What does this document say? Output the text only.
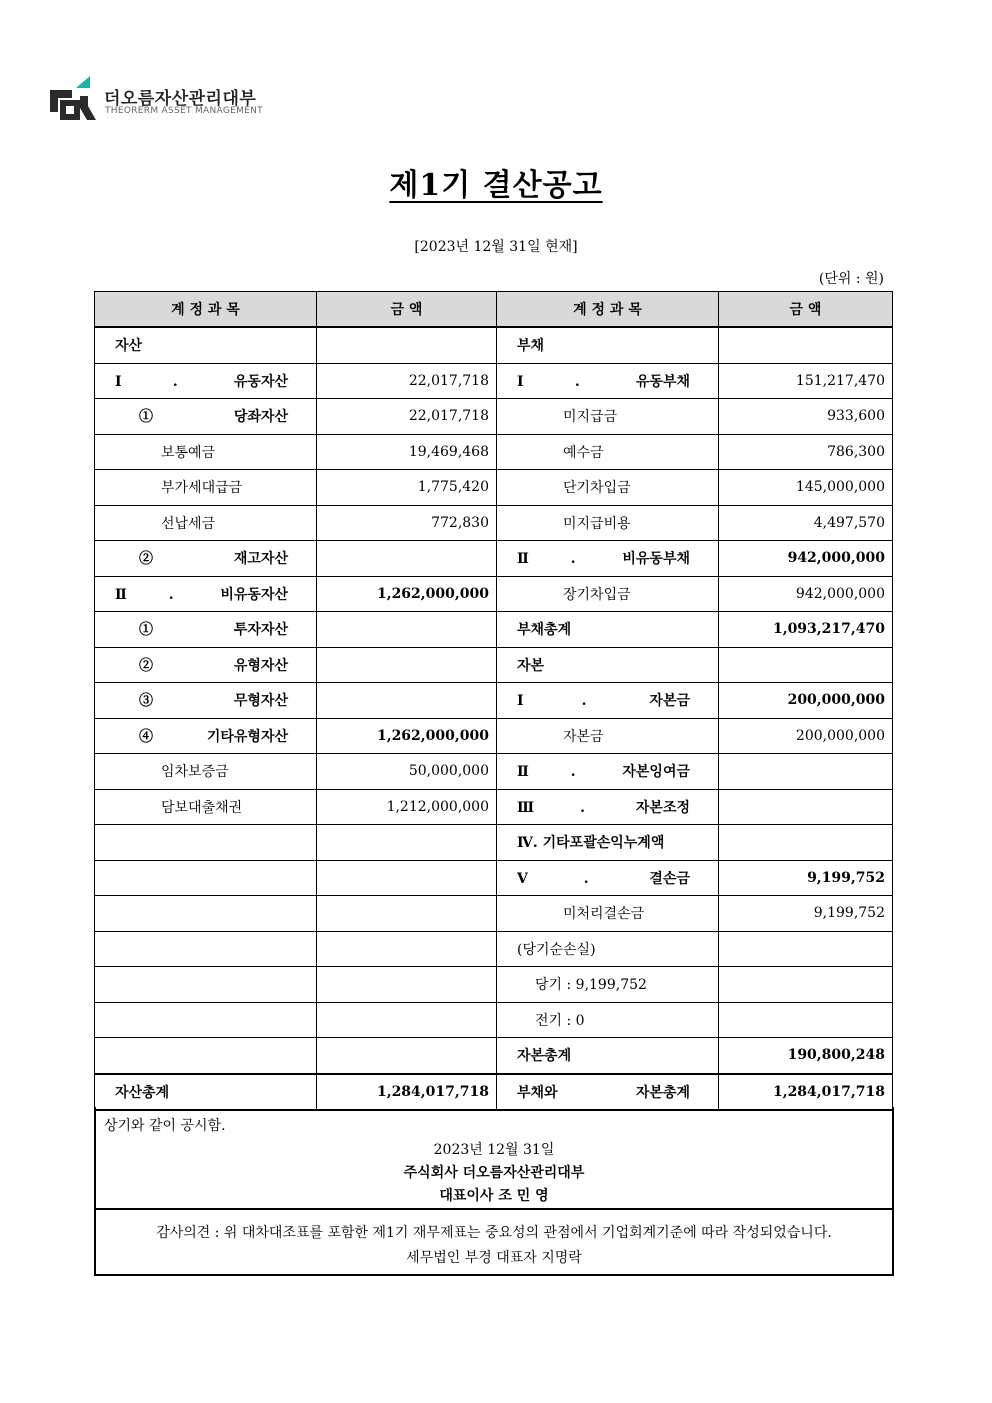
더오름자산관리대부
THEORERM ASSET MANAGEMENT
제1기 결산공고
[2023년 12월 31일 현재]
(단위 : 원)
계 정 과 목	금 액	계 정 과 목	금 액
자산		부채	
Ⅰ. 유동자산	22,017,718	Ⅰ. 유동부채	151,217,470
① 당좌자산	22,017,718	미지급금	933,600
보통예금	19,469,468	예수금	786,300
부가세대급금	1,775,420	단기차입금	145,000,000
선납세금	772,830	미지급비용	4,497,570
② 재고자산		Ⅱ. 비유동부채	942,000,000
Ⅱ. 비유동자산	1,262,000,000	장기차입금	942,000,000
① 투자자산		부채총계	1,093,217,470
② 유형자산		자본	
③ 무형자산		Ⅰ. 자본금	200,000,000
④ 기타유형자산	1,262,000,000	자본금	200,000,000
임차보증금	50,000,000	Ⅱ. 자본잉여금	
담보대출채권	1,212,000,000	Ⅲ. 자본조정	
		Ⅳ. 기타포괄손익누계액	
		Ⅴ. 결손금	9,199,752
		미처리결손금	9,199,752
		(당기순손실)	
		당기 : 9,199,752	
		전기 : 0	
		자본총계	190,800,248
자산총계	1,284,017,718	부채와 자본총계	1,284,017,718
상기와 같이 공시함.
2023년 12월 31일
주식회사 더오름자산관리대부
대표이사 조 민 영
감사의견 : 위 대차대조표를 포함한 제1기 재무제표는 중요성의 관점에서 기업회계기준에 따라 작성되었습니다.
세무법인 부경 대표자 지명락
